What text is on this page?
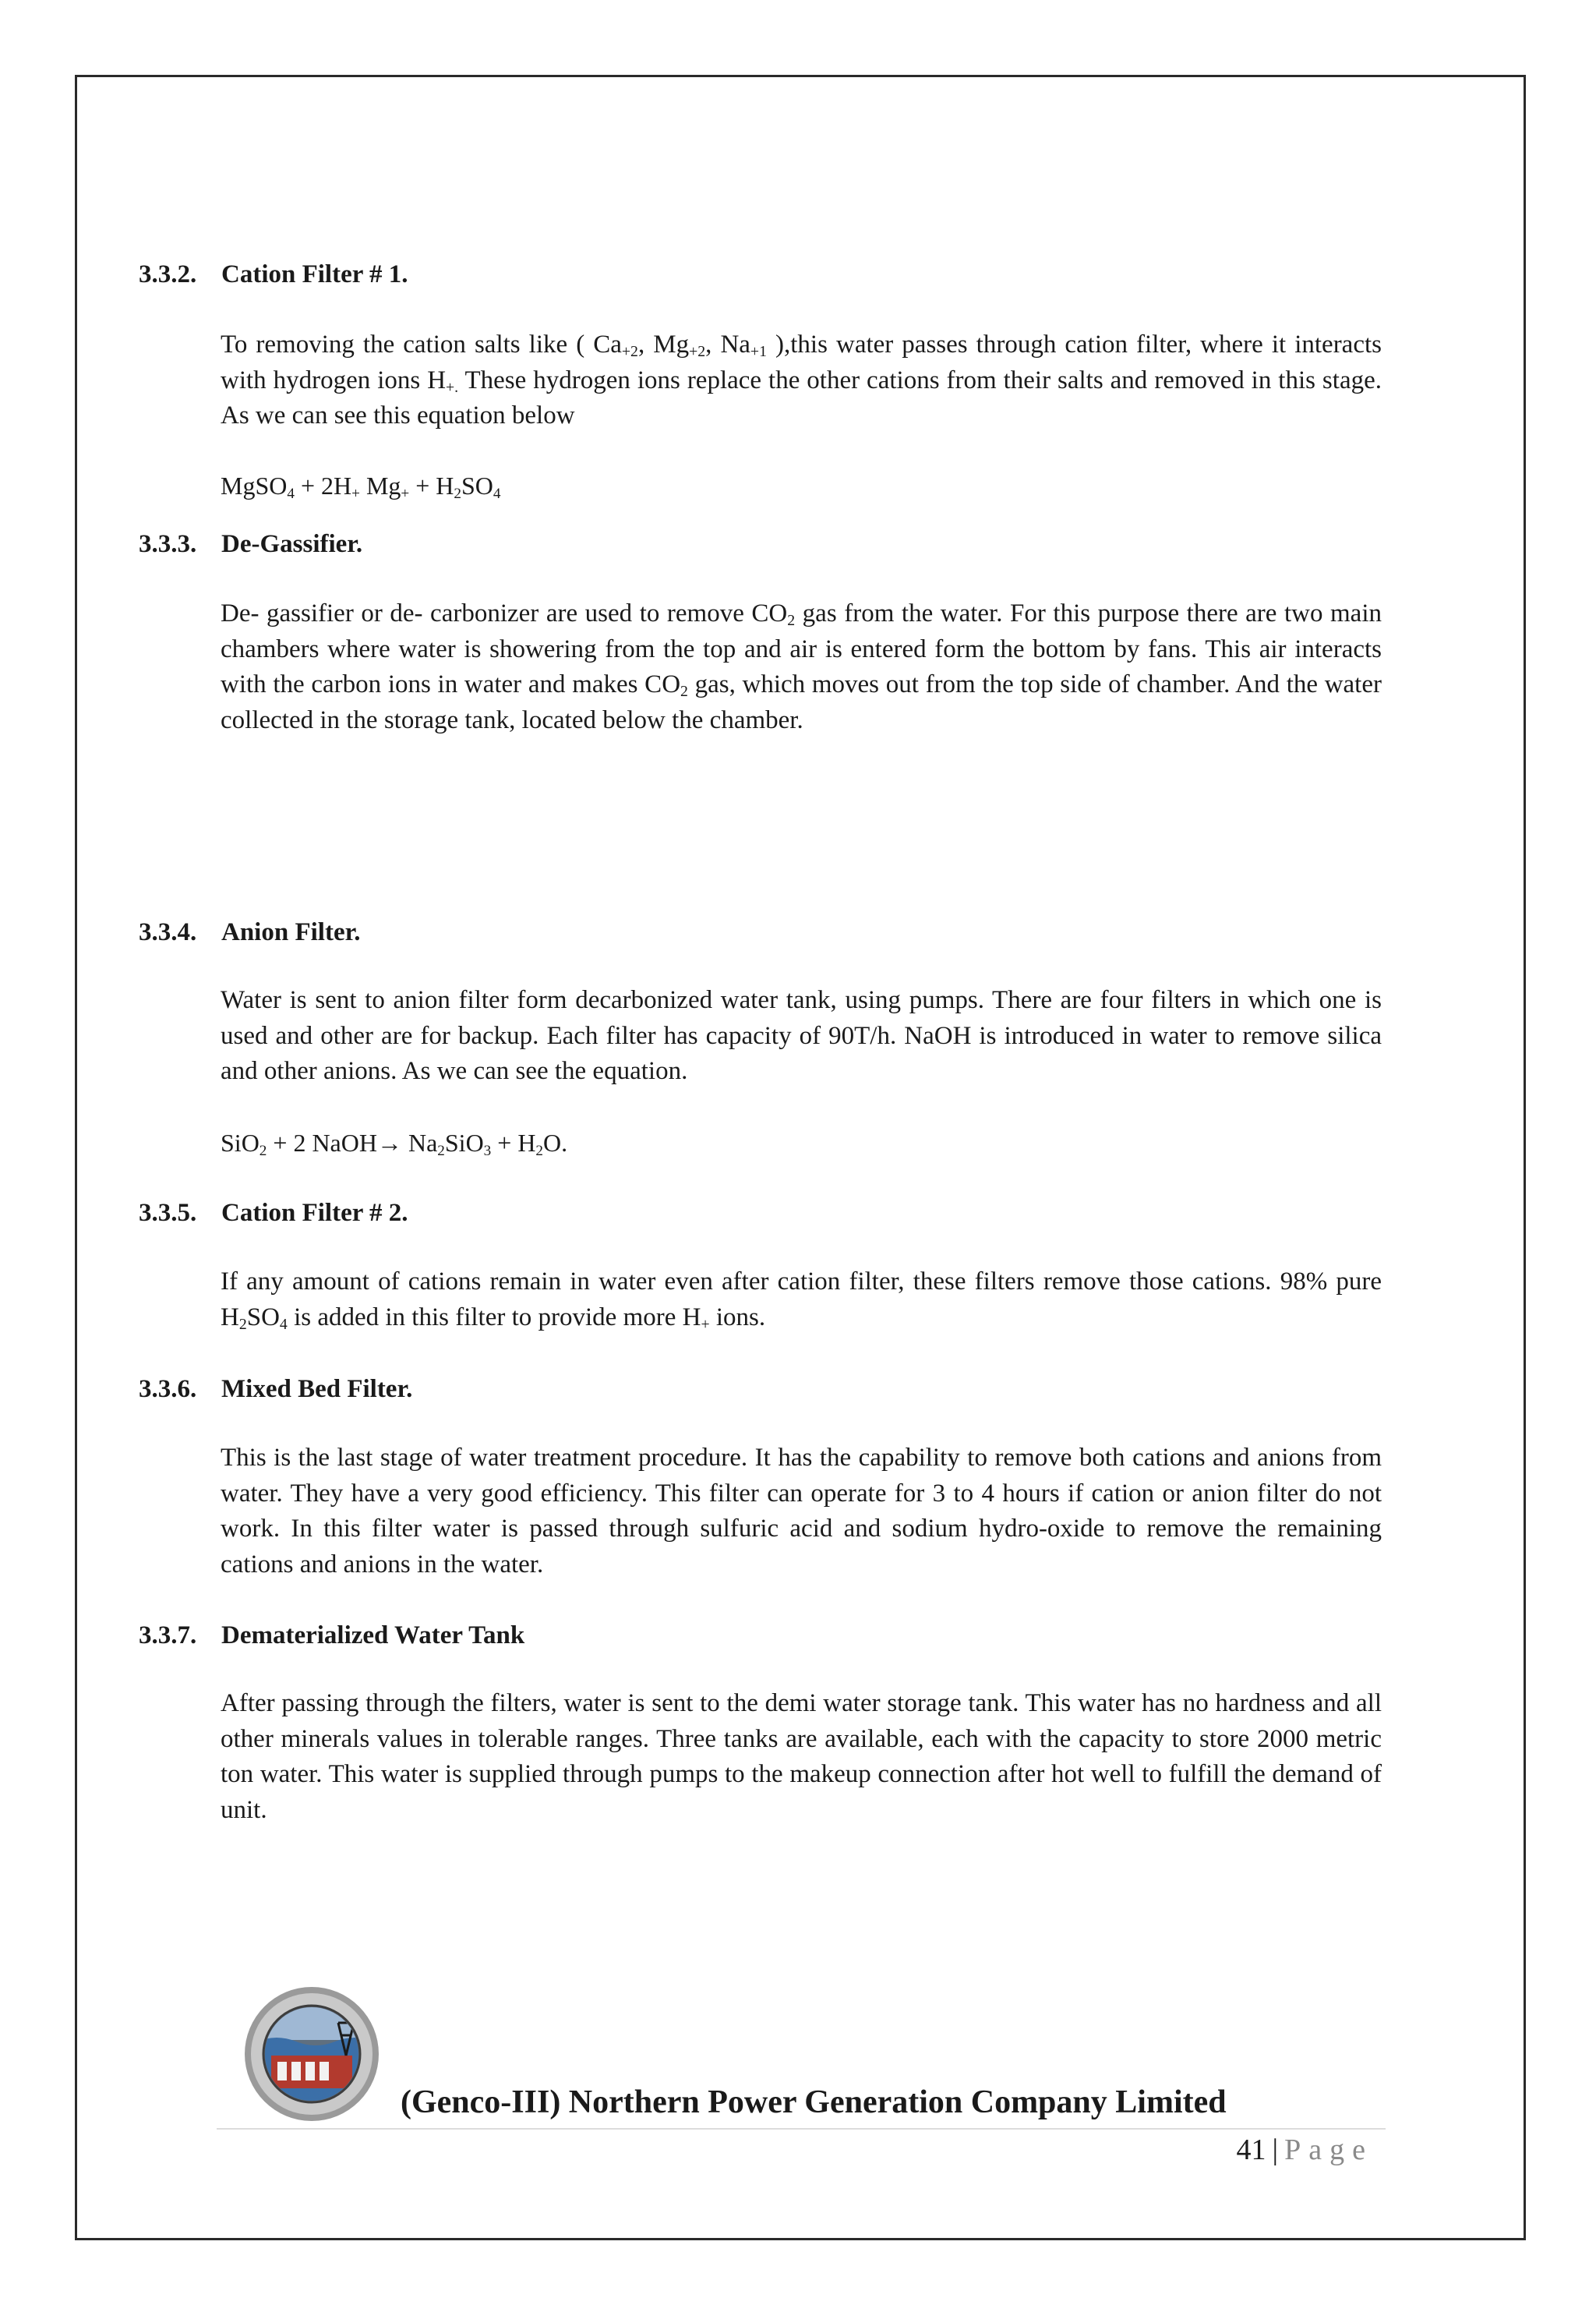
3.3.2. Cation Filter # 1.

To removing the cation salts like ( $Ca_{+2}$, $Mg_{+2}$, $Na_{+1}$ ),this water passes through cation filter, where it interacts with hydrogen ions $H_{+.}$ These hydrogen ions replace the other cations from their salts and removed in this stage. As we can see this equation below

MgSO$_4$ + $2H_+$ $Mg_+ + H_2SO_4$

3.3.3. De-Gassifier.

De- gassifier or de- carbonizer are used to remove $CO_2$ gas from the water. For this purpose there are two main chambers where water is showering from the top and air is entered form the bottom by fans. This air interacts with the carbon ions in water and makes $CO_2$ gas, which moves out from the top side of chamber. And the water collected in the storage tank, located below the chamber.

3.3.4. Anion Filter.

Water is sent to anion filter form decarbonized water tank, using pumps. There are four filters in which one is used and other are for backup. Each filter has capacity of 90T/h. NaOH is introduced in water to remove silica and other anions. As we can see the equation.

SiO$_2$ + 2 NaOH→ $Na_2SiO_3 + H_2O$.

3.3.5. Cation Filter # 2.

If any amount of cations remain in water even after cation filter, these filters remove those cations. 98% pure $H_2SO_4$ is added in this filter to provide more $H_+$ ions.

3.3.6. Mixed Bed Filter.

This is the last stage of water treatment procedure. It has the capability to remove both cations and anions from water. They have a very good efficiency. This filter can operate for 3 to 4 hours if cation or anion filter do not work. In this filter water is passed through sulfuric acid and sodium hydro-oxide to remove the remaining cations and anions in the water.

3.3.7. Dematerialized Water Tank

After passing through the filters, water is sent to the demi water storage tank. This water has no hardness and all other minerals values in tolerable ranges. Three tanks are available, each with the capacity to store 2000 metric ton water. This water is supplied through pumps to the makeup connection after hot well to fulfill the demand of unit.

(Genco-III) Northern Power Generation Company Limited

41 | Page
